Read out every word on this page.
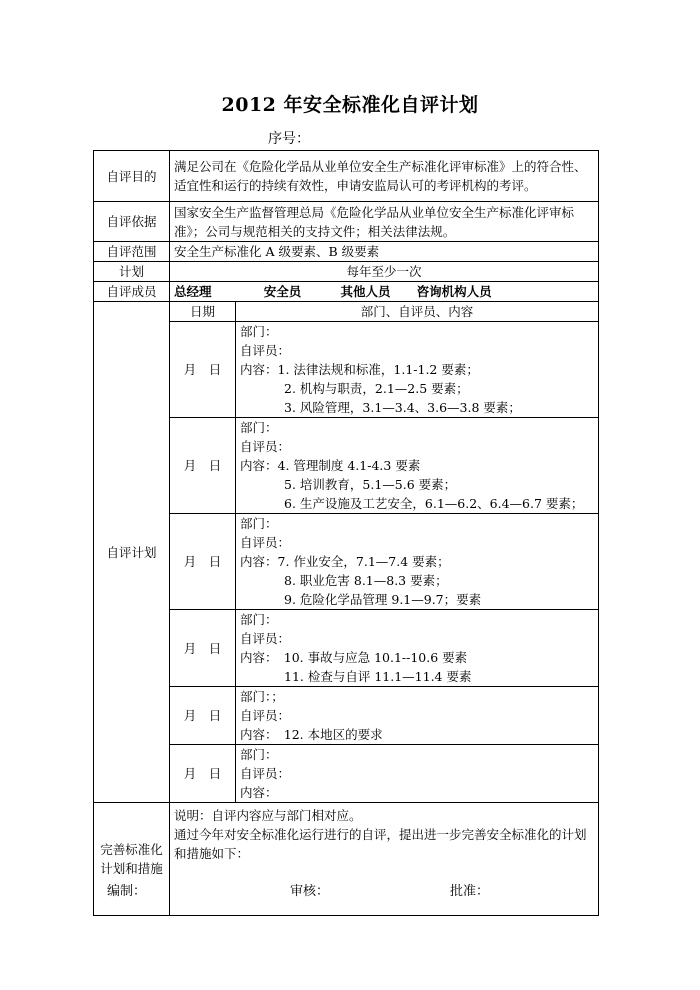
2012 年安全标准化自评计划
序号：
自评目的	满足公司在《危险化学品从业单位安全生产标准化评审标准》上的符合性、适宜性和运行的持续有效性，申请安监局认可的考评机构的考评。	
自评依据	国家安全生产监督管理总局《危险化学品从业单位安全生产标准化评审标准》；公司与规范相关的支持文件；相关法律法规。	
自评范围	安全生产标准化 A 级要素、B 级要素	
计划	每年至少一次	
自评成员	总经理 安全员 其他人员 咨询机构人员	
自评计划	日期	部门、自评员、内容
	月　日	部门：
自评员：
内容：1. 法律法规和标准，1.1-1.2 要素；
2. 机构与职责，2.1—2.5 要素；
3. 风险管理，3.1—3.4、3.6—3.8 要素；

	月　日	部门：
自评员：
内容：4. 管理制度 4.1-4.3 要素
5. 培训教育，5.1—5.6 要素；
6. 生产设施及工艺安全，6.1—6.2、6.4—6.7 要素；

	月　日	部门：
自评员：
内容：7. 作业安全，7.1—7.4 要素；
8. 职业危害 8.1—8.3 要素；
9. 危险化学品管理 9.1—9.7；要素

	月　日	部门：
自评员：
内容：　10. 事故与应急 10.1--10.6 要素
11. 检查与自评 11.1—11.4 要素

	月　日	部门：；
自评员：
内容：　12. 本地区的要求

	月　日	部门：
自评员：
内容：

完善标准化计划和措施	说明：自评内容应与部门相对应。
通过今年对安全标准化运行进行的自评，提出进一步完善安全标准化的计划和措施如下：	
编制：	审核：	批准：
